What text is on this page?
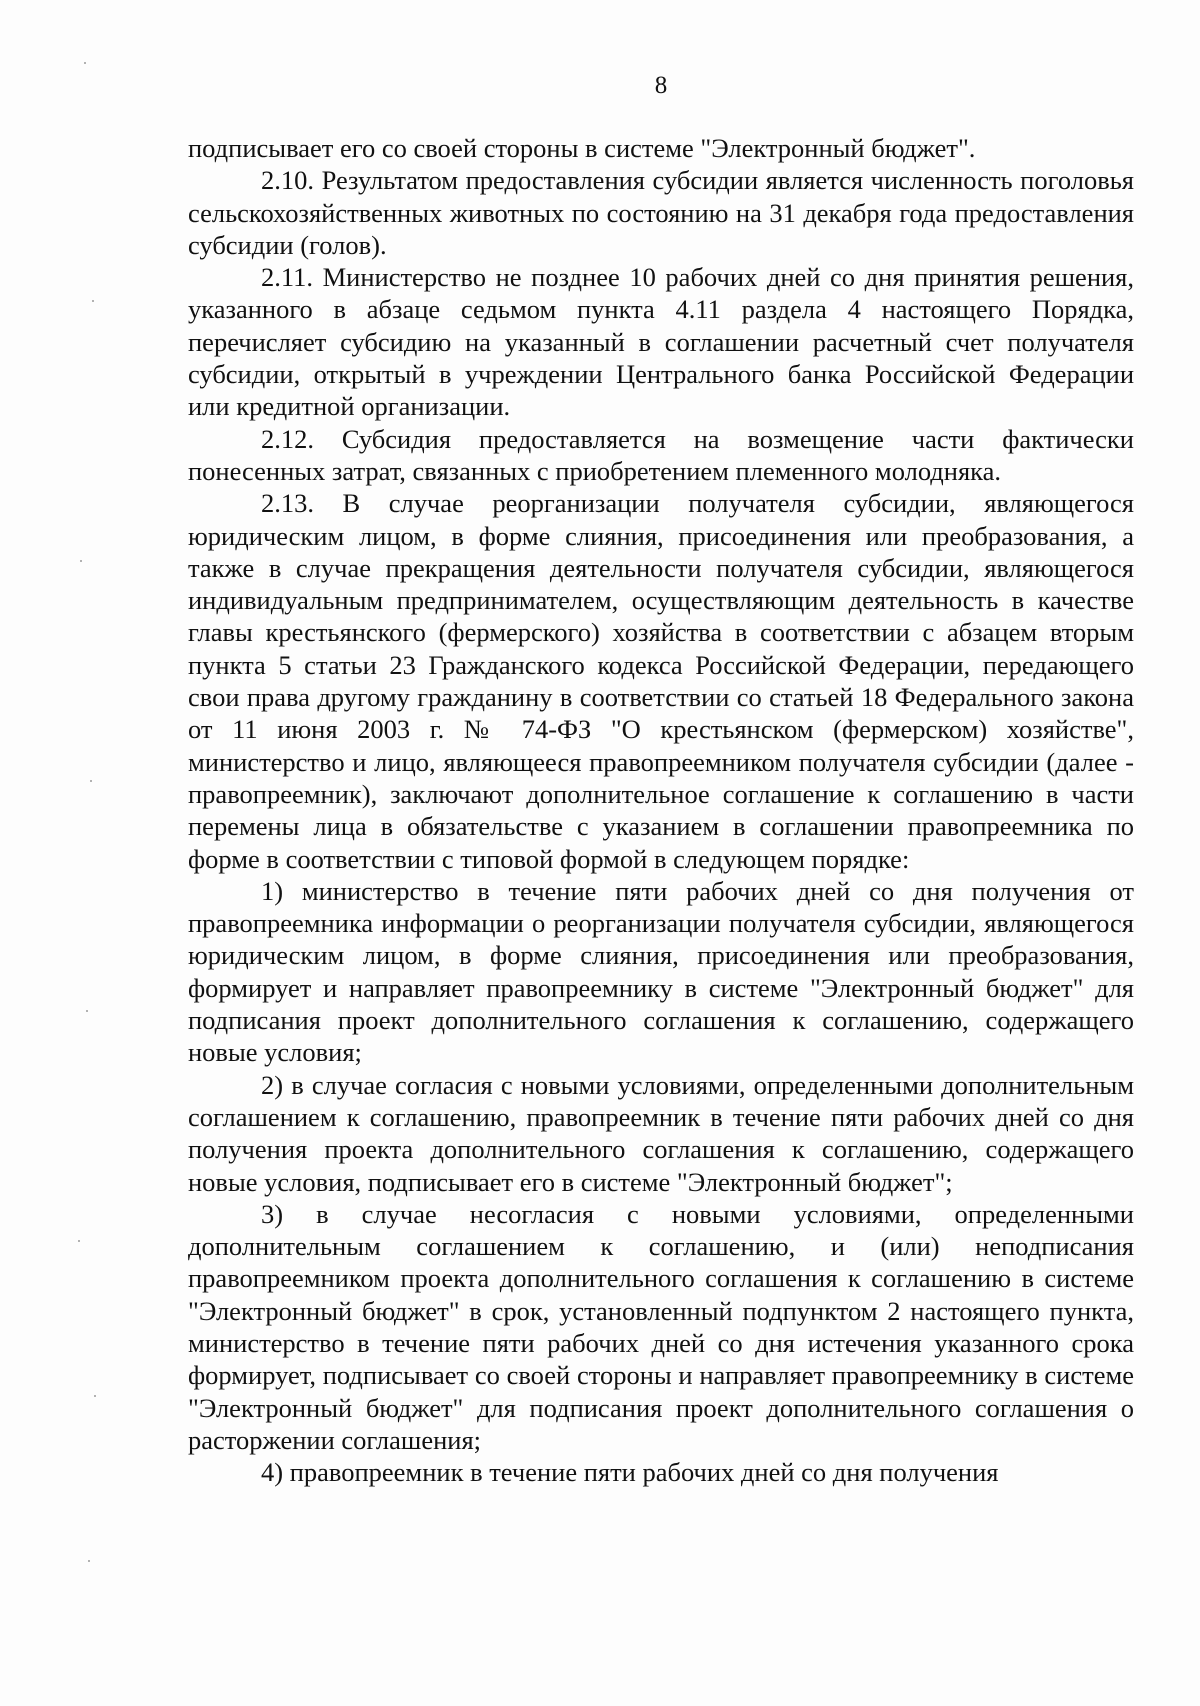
8

подписывает его со своей стороны в системе "Электронный бюджет".

2.10. Результатом предоставления субсидии является численность поголовья сельскохозяйственных животных по состоянию на 31 декабря года предоставления субсидии (голов).

2.11. Министерство не позднее 10 рабочих дней со дня принятия решения, указанного в абзаце седьмом пункта 4.11 раздела 4 настоящего Порядка, перечисляет субсидию на указанный в соглашении расчетный счет получателя субсидии, открытый в учреждении Центрального банка Российской Федерации или кредитной организации.

2.12. Субсидия предоставляется на возмещение части фактически понесенных затрат, связанных с приобретением племенного молодняка.

2.13. В случае реорганизации получателя субсидии, являющегося юридическим лицом, в форме слияния, присоединения или преобразования, а также в случае прекращения деятельности получателя субсидии, являющегося индивидуальным предпринимателем, осуществляющим деятельность в качестве главы крестьянского (фермерского) хозяйства в соответствии с абзацем вторым пункта 5 статьи 23 Гражданского кодекса Российской Федерации, передающего свои права другому гражданину в соответствии со статьей 18 Федерального закона от 11 июня 2003 г. № 74-ФЗ "О крестьянском (фермерском) хозяйстве", министерство и лицо, являющееся правопреемником получателя субсидии (далее - правопреемник), заключают дополнительное соглашение к соглашению в части перемены лица в обязательстве с указанием в соглашении правопреемника по форме в соответствии с типовой формой в следующем порядке:

1) министерство в течение пяти рабочих дней со дня получения от правопреемника информации о реорганизации получателя субсидии, являющегося юридическим лицом, в форме слияния, присоединения или преобразования, формирует и направляет правопреемнику в системе "Электронный бюджет" для подписания проект дополнительного соглашения к соглашению, содержащего новые условия;

2) в случае согласия с новыми условиями, определенными дополнительным соглашением к соглашению, правопреемник в течение пяти рабочих дней со дня получения проекта дополнительного соглашения к соглашению, содержащего новые условия, подписывает его в системе "Электронный бюджет";

3) в случае несогласия с новыми условиями, определенными дополнительным соглашением к соглашению, и (или) неподписания правопреемником проекта дополнительного соглашения к соглашению в системе "Электронный бюджет" в срок, установленный подпунктом 2 настоящего пункта, министерство в течение пяти рабочих дней со дня истечения указанного срока формирует, подписывает со своей стороны и направляет правопреемнику в системе "Электронный бюджет" для подписания проект дополнительного соглашения о расторжении соглашения;

4) правопреемник в течение пяти рабочих дней со дня получения
